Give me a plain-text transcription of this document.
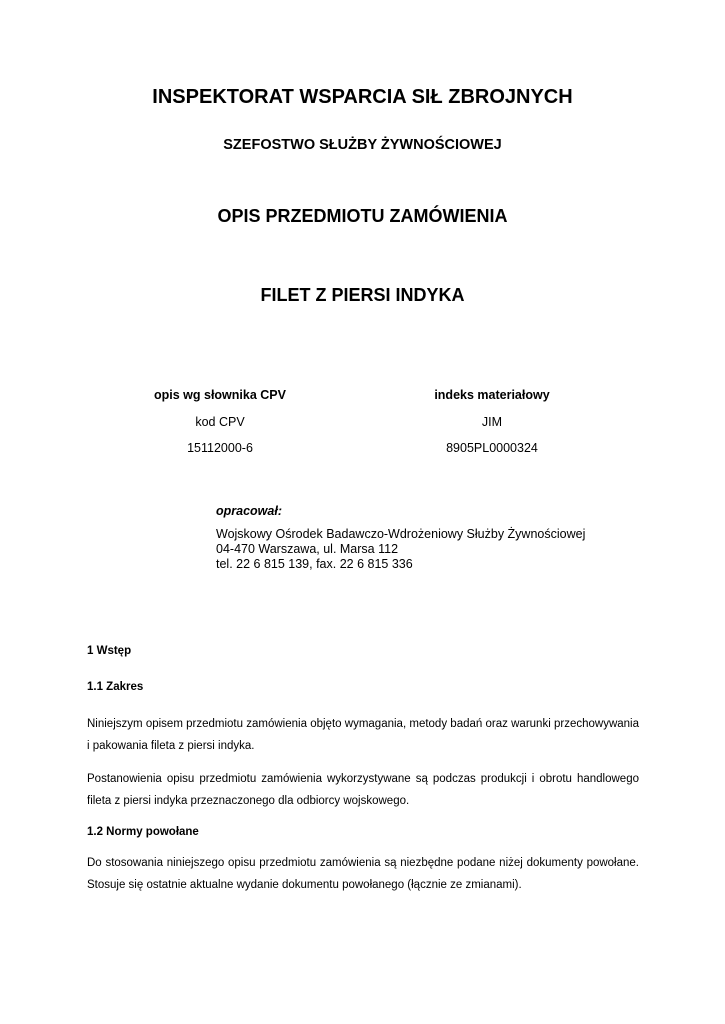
INSPEKTORAT WSPARCIA SIŁ ZBROJNYCH
SZEFOSTWO SŁUŻBY ŻYWNOŚCIOWEJ
OPIS PRZEDMIOTU ZAMÓWIENIA
FILET Z PIERSI INDYKA
opis wg słownika CPV
kod CPV
15112000-6
indeks materiałowy
JIM
8905PL0000324
opracował:
Wojskowy Ośrodek Badawczo-Wdrożeniowy Służby Żywnościowej
04-470 Warszawa, ul. Marsa 112
tel. 22 6 815 139, fax. 22 6 815 336
1 Wstęp
1.1 Zakres
Niniejszym opisem przedmiotu zamówienia objęto wymagania, metody badań oraz warunki przechowywania i pakowania fileta z piersi indyka.
Postanowienia opisu przedmiotu zamówienia wykorzystywane są podczas produkcji i obrotu handlowego fileta z piersi indyka przeznaczonego dla odbiorcy wojskowego.
1.2 Normy powołane
Do stosowania niniejszego opisu przedmiotu zamówienia są niezbędne podane niżej dokumenty powołane. Stosuje się ostatnie aktualne wydanie dokumentu powołanego (łącznie ze zmianami).
